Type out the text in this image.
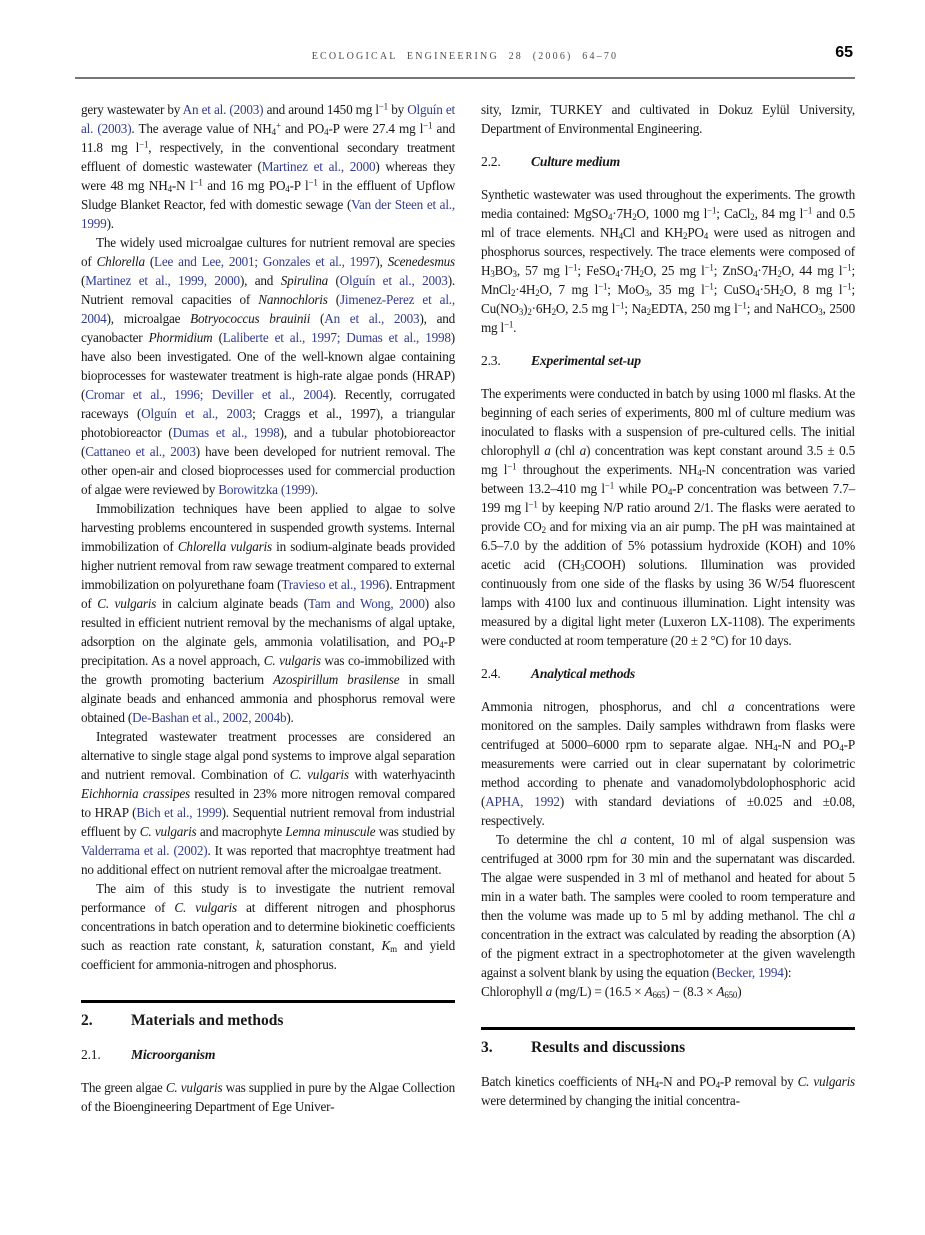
ECOLOGICAL ENGINEERING 28 (2006) 64–70	65

gery wastewater by An et al. (2003) and around 1450 mg $l^{-1}$ by Olguín et al. (2003). The average value of $NH_4^+$ and $PO_4-P$ were 27.4 mg $l^{-1}$ and 11.8 mg $l^{-1}$, respectively, in the conventional secondary treatment effluent of domestic wastewater (Martinez et al., 2000) whereas they were 48 mg $NH_4-N$ $l^{-1}$ and 16 mg $PO_4-P$ $l^{-1}$ in the effluent of Upflow Sludge Blanket Reactor, fed with domestic sewage (Van der Steen et al., 1999).

The widely used microalgae cultures for nutrient removal are species of Chlorella (Lee and Lee, 2001; Gonzales et al., 1997), Scenedesmus (Martinez et al., 1999, 2000), and Spirulina (Olguín et al., 2003). Nutrient removal capacities of Nannochloris (Jimenez-Perez et al., 2004), microalgae Botryococcus brauinii (An et al., 2003), and cyanobacter Phormidium (Laliberte et al., 1997; Dumas et al., 1998) have also been investigated. One of the well-known algae containing bioprocesses for wastewater treatment is high-rate algae ponds (HRAP) (Cromar et al., 1996; Deviller et al., 2004). Recently, corrugated raceways (Olguín et al., 2003; Craggs et al., 1997), a triangular photobioreactor (Dumas et al., 1998), and a tubular photobioreactor (Cattaneo et al., 2003) have been developed for nutrient removal. The other open-air and closed bioprocesses used for commercial production of algae were reviewed by Borowitzka (1999).

Immobilization techniques have been applied to algae to solve harvesting problems encountered in suspended growth systems. Internal immobilization of Chlorella vulgaris in sodium-alginate beads provided higher nutrient removal from raw sewage treatment compared to external immobilization on polyurethane foam (Travieso et al., 1996). Entrapment of C. vulgaris in calcium alginate beads (Tam and Wong, 2000) also resulted in efficient nutrient removal by the mechanisms of algal uptake, adsorption on the alginate gels, ammonia volatilisation, and $PO_4-P$ precipitation. As a novel approach, C. vulgaris was co-immobilized with the growth promoting bacterium Azospirillum brasilense in small alginate beads and enhanced ammonia and phosphorus removal were obtained (De-Bashan et al., 2002, 2004b).

Integrated wastewater treatment processes are considered an alternative to single stage algal pond systems to improve algal separation and nutrient removal. Combination of C. vulgaris with waterhyacinth Eichhornia crassipes resulted in 23% more nitrogen removal compared to HRAP (Bich et al., 1999). Sequential nutrient removal from industrial effluent by C. vulgaris and macrophyte Lemna minuscule was studied by Valderrama et al. (2002). It was reported that macrophtye treatment had no additional effect on nutrient removal after the microalgae treatment.

The aim of this study is to investigate the nutrient removal performance of C. vulgaris at different nitrogen and phosphorus concentrations in batch operation and to determine biokinetic coefficients such as reaction rate constant, k, saturation constant, $K_m$ and yield coefficient for ammonia-nitrogen and phosphorus.

2.	Materials and methods
2.1.	Microorganism

The green algae C. vulgaris was supplied in pure by the Algae Collection of the Bioengineering Department of Ege Univer-

sity, Izmir, TURKEY and cultivated in Dokuz Eylül University, Department of Environmental Engineering.

2.2.	Culture medium

Synthetic wastewater was used throughout the experiments. The growth media contained: $MgSO_4\cdot 7H_2O$, 1000 mg $l^{-1}$; CaCl$_2$, 84 mg $l^{-1}$ and 0.5 ml of trace elements. $NH_4Cl$ and $KH_2PO_4$ were used as nitrogen and phosphorus sources, respectively. The trace elements were composed of $H_3BO_3$, 57 mg $l^{-1}$; $FeSO_4\cdot 7H_2O$, 25 mg $l^{-1}$; $ZnSO_4\cdot 7H_2O$, 44 mg $l^{-1}$; $MnCl_2\cdot 4H_2O$, 7 mg $l^{-1}$; MoO$_3$, 35 mg $l^{-1}$; $CuSO_4\cdot 5H_2O$, 8 mg $l^{-1}$; $Cu(NO_3)_2\cdot 6H_2O$, 2.5 mg $l^{-1}$; $Na_2EDTA$, 250 mg $l^{-1}$; and NaHCO$_3$, 2500 mg $l^{-1}$.

2.3.	Experimental set-up

The experiments were conducted in batch by using 1000 ml flasks. At the beginning of each series of experiments, 800 ml of culture medium was inoculated to flasks with a suspension of pre-cultured cells. The initial chlorophyll a (chl a) concentration was kept constant around 3.5 ± 0.5 mg $l^{-1}$ throughout the experiments. $NH_4-N$ concentration was varied between 13.2–410 mg $l^{-1}$ while $PO_4-P$ concentration was between 7.7–199 mg $l^{-1}$ by keeping N/P ratio around 2/1. The flasks were aerated to provide $CO_2$ and for mixing via an air pump. The pH was maintained at 6.5–7.0 by the addition of 5% potassium hydroxide (KOH) and 10% acetic acid $(CH_3COOH)$ solutions. Illumination was provided continuously from one side of the flasks by using 36 W/54 fluorescent lamps with 4100 lux and continuous illumination. Light intensity was measured by a digital light meter (Luxeron LX-1108). The experiments were conducted at room temperature (20 ± 2 °C) for 10 days.

2.4.	Analytical methods

Ammonia nitrogen, phosphorus, and chl a concentrations were monitored on the samples. Daily samples withdrawn from flasks were centrifuged at 5000–6000 rpm to separate algae. $NH_4-N$ and $PO_4-P$ measurements were carried out in clear supernatant by colorimetric method according to phenate and vanadomolybdolophosphoric acid (APHA, 1992) with standard deviations of ±0.025 and ±0.08, respectively.

To determine the chl a content, 10 ml of algal suspension was centrifuged at 3000 rpm for 30 min and the supernatant was discarded. The algae were suspended in 3 ml of methanol and heated for about 5 min in a water bath. The samples were cooled to room temperature and then the volume was made up to 5 ml by adding methanol. The chl a concentration in the extract was calculated by reading the absorption (A) of the pigment extract in a spectrophotometer at the given wavelength against a solvent blank by using the equation (Becker, 1994):

Chlorophyll a $(mg/L) = (16.5 \times A_{665}) - (8.3 \times A_{650})$

3.	Results and discussions

Batch kinetics coefficients of $NH_4-N$ and $PO_4-P$ removal by C. vulgaris were determined by changing the initial concentra-
